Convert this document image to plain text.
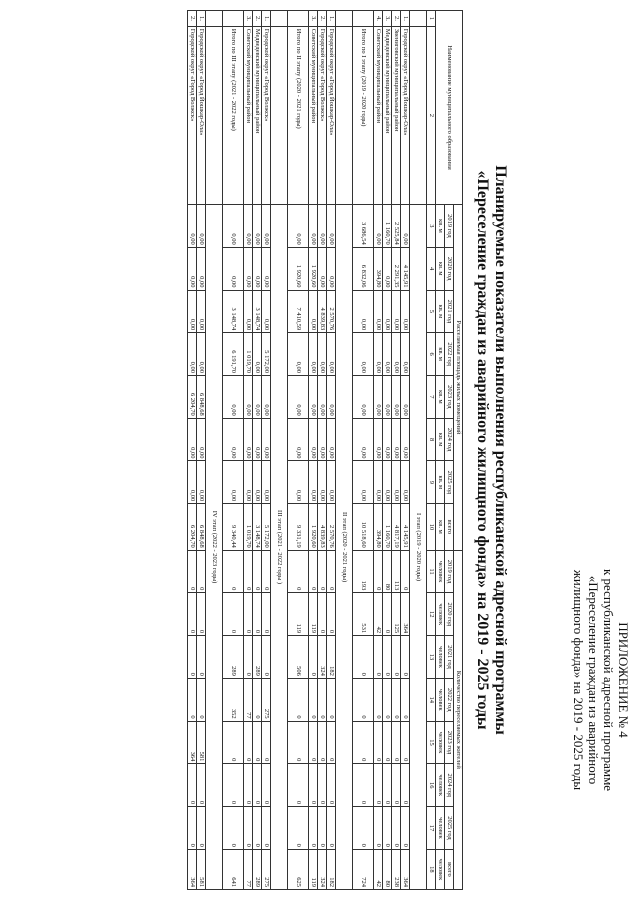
ПРИЛОЖЕНИЕ № 4
к республиканской адресной программе
«Переселение граждан из аварийного
жилищного фонда» на 2019 - 2025 годы
Планируемые показатели выполнения республиканской адресной программы
«Переселение граждан из аварийного жилищного фонда» на 2019 - 2025 годы
Наименование муниципального образования		Расселяемая площадь жилых помещений								Количество переселяемых жителей							
		2019 год	2020 год	2021 год	2022 год	2023 год	2024 год	2025 год	всего	2019 год	2020 год	2021 год	2022 год	2023 год	2024 год	2025 год	всего
		кв. м	кв. м	кв. м	кв. м	кв. м	кв. м	кв. м	кв. м	человек	человек	человек	человек	человек	человек	человек	человек
1	2	3	4	5	6	7	8	9	10	11	12	13	14	15	16	17	18
		I этап (2019 - 2020 годы)															
1.	Городской округ «Город Йошкар-Ола»	0,00	4 145,91	0,00	0,00	0,00	0,00	0,00	4 145,91	0	364	0	0	0	0	0	364
2.	Звениговский муниципальный район	2 525,84	2 291,35	0,00	0,00	0,00	0,00	0,00	4 817,19	113	125	0	0	0	0	0	238
3.	Медведевский муниципальный район	1 160,70	0,00	0,00	0,00	0,00	0,00	0,00	1 160,70	80	0	0	0	0	0	0	80
4.	Советский муниципальный район	0,00	394,80	0,00	0,00	0,00	0,00	0,00	394,80	0	42	0	0	0	0	0	42
	Итого по I этапу (2019 - 2020 годы)	3 686,54	6 832,06	0,00	0,00	0,00	0,00	0,00	10 518,60	193	531	0	0	0	0	0	724
		II этап (2020 - 2021 годы)															
1.	Городской округ «Город Йошкар-Ола»	0,00	0,00	2 570,76	0,00	0,00	0,00	0,00	2 570,76	0	0	182	0	0	0	0	182
2.	Городской округ «Город Волжск»	0,00	0,00	4 839,83	0,00	0,00	0,00	0,00	4 839,83	0	0	324	0	0	0	0	324
3.	Советский муниципальный район	0,00	1 920,60	0,00	0,00	0,00	0,00	0,00	1 920,60	0	119	0	0	0	0	0	119
	Итого по II этапу (2020 - 2021 годы)	0,00	1 920,60	7 410,59	0,00	0,00	0,00	0,00	9 331,19	0	119	506	0	0	0	0	625
		III этап (2021 - 2022 годы )															
1.	Городской округ «Город Волжск»	0,00	0,00	0,00	5 172,00	0,00	0,00	0,00	5 172,00	0	0	0	275	0	0	0	275
2.	Медведевский муниципальный район	0,00	0,00	3 148,74	0,00	0,00	0,00	0,00	3 148,74	0	0	289	0	0	0	0	289
3.	Советский муниципальный район	0,00	0,00	0,00	1 019,70	0,00	0,00	0,00	1 019,70	0	0	0	77	0	0	0	77
	Итого по III этапу (2021 - 2022 годы)	0,00	0,00	3 148,74	6 191,70	0,00	0,00	0,00	9 340,44	0	0	289	352	0	0	0	641
		IV этап (2022 - 2023 годы)															
1.	Городской округ «Город Йошкар-Ола»	0,00	0,00	0,00	0,00	6 848,68	0,00	0,00	6 848,68	0	0	0	0	581	0	0	581
2.	Городской округ «Город Волжск»	0,00	0,00	0,00	0,00	6 204,70	0,00	0,00	6 204,70	0	0	0	0	364	0	0	364
